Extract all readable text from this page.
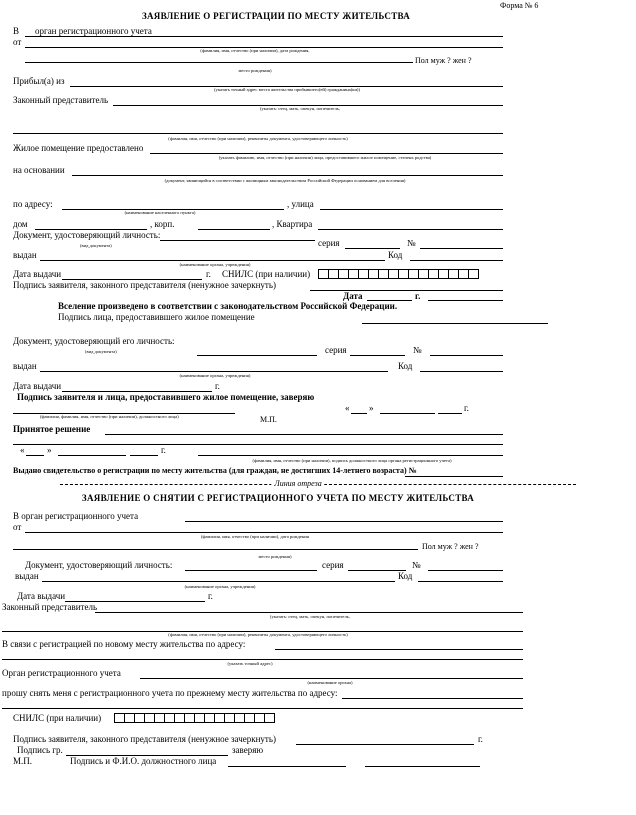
Форма № 6
ЗАЯВЛЕНИЕ О РЕГИСТРАЦИИ ПО МЕСТУ ЖИТЕЛЬСТВА
В орган регистрационного учета
от
(фамилия, имя, отчество (при наличии), дата рождения,
Пол муж ? жен ?
место рождения)
Прибыл(а) из
(указать точный адрес места жительства прибывшего(ей) гражданина(ки))
Законный представитель
(указать: отец, мать, опекун, попечитель,
(фамилия, имя, отчество (при наличии), реквизиты документа, удостоверяющего личность)
Жилое помещение предоставлено
(указать фамилию, имя, отчество (при наличии) лица, предоставившего жилое помещение, степень родства)
на основании
(документ, являющийся в соответствии с жилищным законодательством Российской Федерации основанием для вселения)
по адресу:	, улица
(наименование населенного пункта)
дом	, корп.	, Квартира
Документ, удостоверяющий личность:
(вид документа)	серия	№
выдан	Код
(наименование органа, учреждения)
Дата выдачи	г. СНИЛС (при наличии)
Подпись заявителя, законного представителя (ненужное зачеркнуть)
Дата	г.
Вселение произведено в соответствии с законодательством Российской Федерации.
Подпись лица, предоставившего жилое помещение
Документ, удостоверяющий его личность:
(вид документа)	серия	№
выдан	Код
(наименование органа, учреждения)
Дата выдачи	г.
Подпись заявителя и лица, предоставившего жилое помещение, заверяю
(фамилия, фамилия, имя, отчество (при наличии), должностного лица)	М.П.
« »	г.
Принятое решение
«	»	г.
(фамилия, имя, отчество (при наличии), подпись должностного лица органа регистрационного учета)
Выдано свидетельство о регистрации по месту жительства (для граждан, не достигших 14-летнего возраста) №
Линия отреза
ЗАЯВЛЕНИЕ О СНЯТИИ С РЕГИСТРАЦИОННОГО УЧЕТА ПО МЕСТУ ЖИТЕЛЬСТВА
В орган регистрационного учета
от
(фамилия, имя, отчество (при наличии), дата рождения
Пол муж ? жен ?
место рождения)
Документ, удостоверяющий личность:	серия	№
выдан	Код
(наименование органа, учреждения)
Дата выдачи	г.
Законный представитель
(указать: отец, мать, опекун, попечитель,
(фамилия, имя, отчество (при наличии), реквизиты документа, удостоверяющего личность)
В связи с регистрацией по новому месту жительства по адресу:
(указать точный адрес)
Орган регистрационного учета
(наименование органа)
прошу снять меня с регистрационного учета по прежнему месту жительства по адресу:
СНИЛС (при наличии)
Подпись заявителя, законного представителя (ненужное зачеркнуть)	г.
Подпись гр.	заверяю
М.П.	Подпись и Ф.И.О. должностного лица
